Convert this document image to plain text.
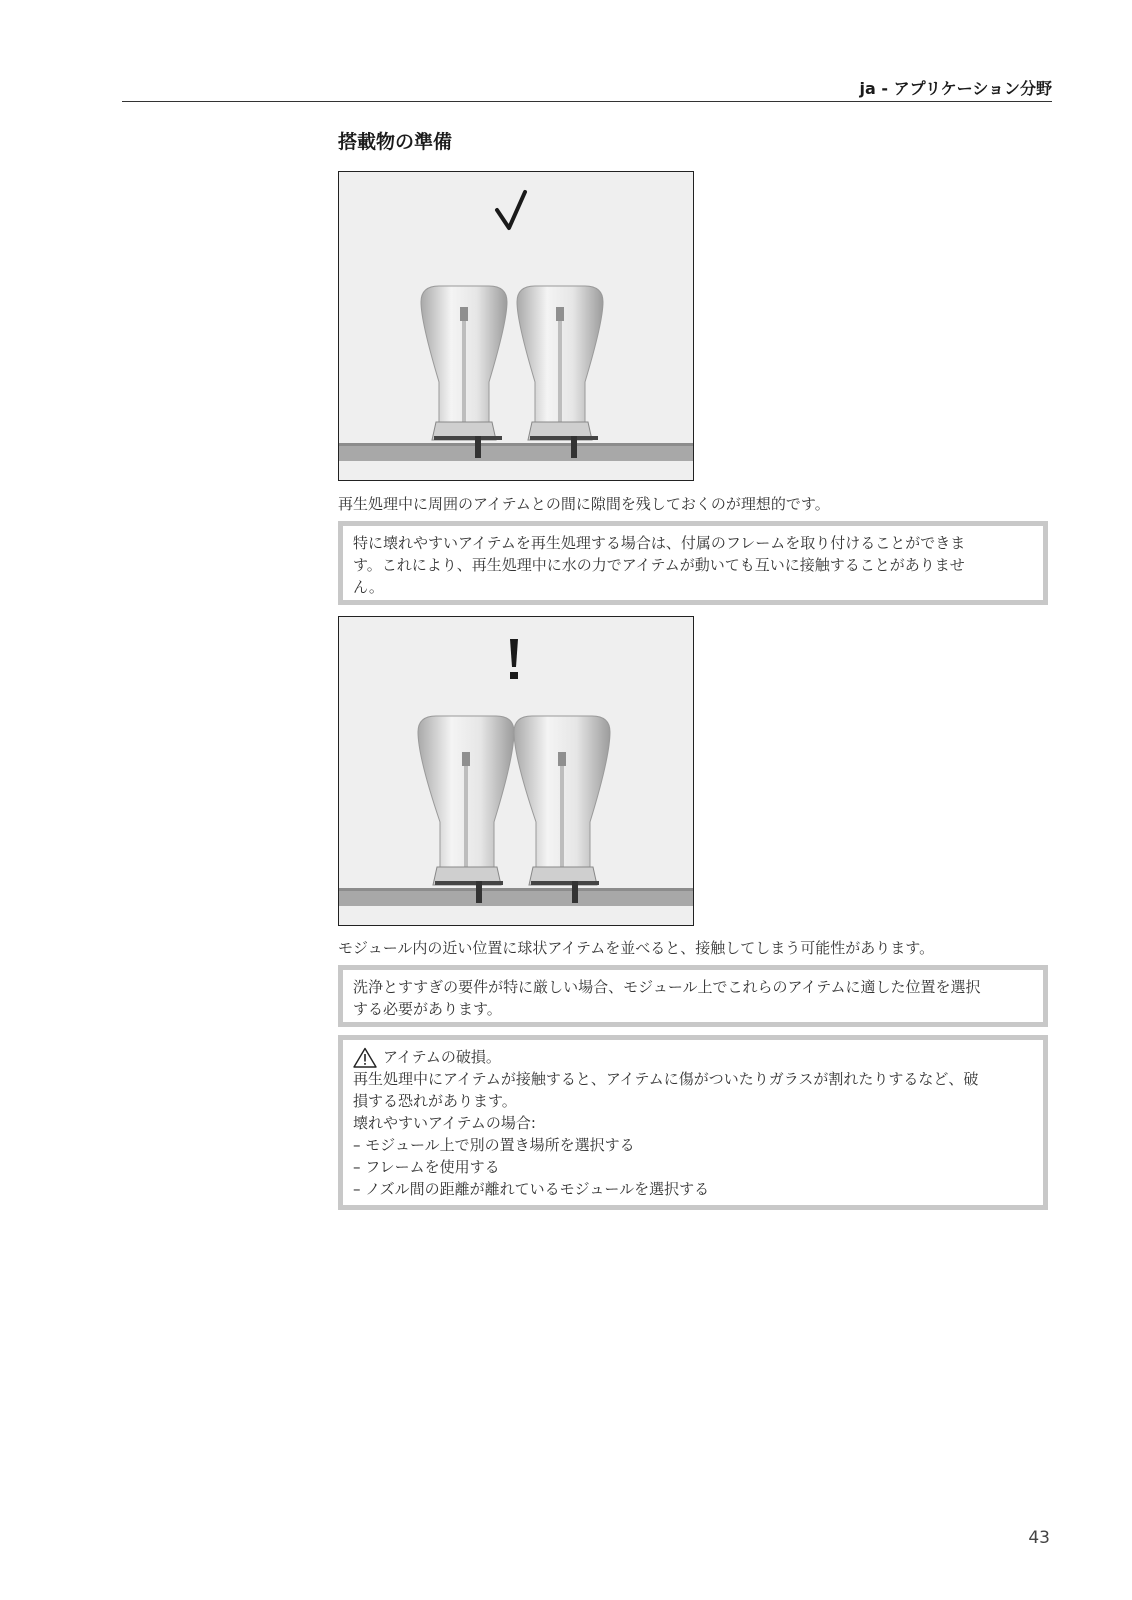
ja - アプリケーション分野
搭載物の準備
再生処理中に周囲のアイテムとの間に隙間を残しておくのが理想的です。
特に壊れやすいアイテムを再生処理する場合は、付属のフレームを取り付けることができま
す。これにより、再生処理中に水の力でアイテムが動いても互いに接触することがありませ
ん。
モジュール内の近い位置に球状アイテムを並べると、接触してしまう可能性があります。
洗浄とすすぎの要件が特に厳しい場合、モジュール上でこれらのアイテムに適した位置を選択
する必要があります。
アイテムの破損。
再生処理中にアイテムが接触すると、アイテムに傷がついたりガラスが割れたりするなど、破
損する恐れがあります。
壊れやすいアイテムの場合:
– モジュール上で別の置き場所を選択する
– フレームを使用する
– ノズル間の距離が離れているモジュールを選択する
43
